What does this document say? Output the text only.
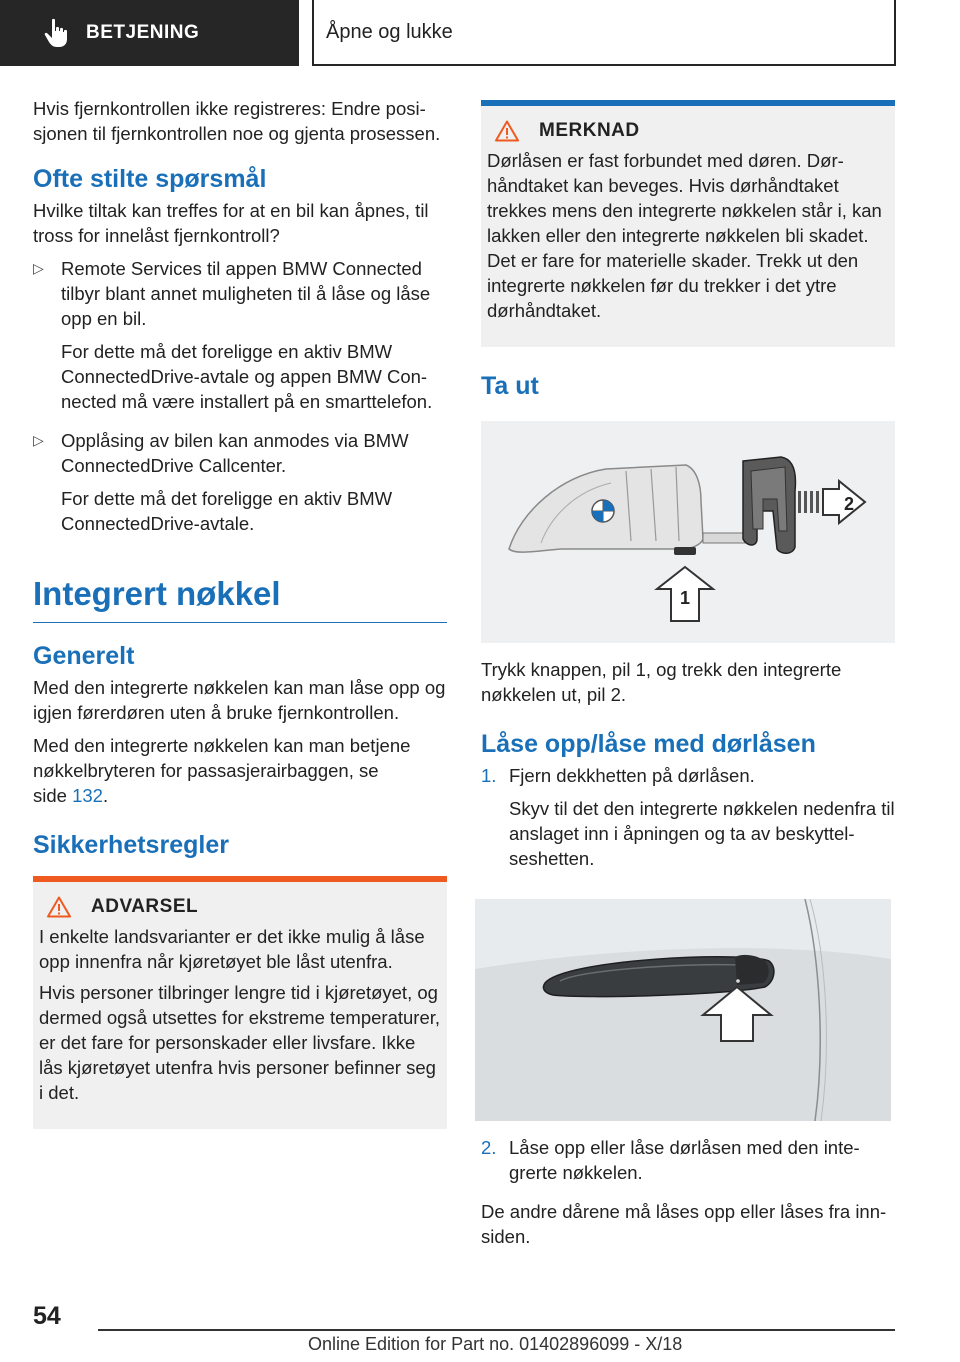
BETJENING	Åpne og lukke

Hvis fjernkontrollen ikke registreres: Endre posisjonen til fjernkontrollen noe og gjenta prosessen.

Ofte stilte spørsmål

Hvilke tiltak kan treffes for at en bil kan åpnes, til tross for innelåst fjernkontroll?

▷ Remote Services til appen BMW Connected tilbyr blant annet muligheten til å låse og låse opp en bil.

For dette må det foreligge en aktiv BMW ConnectedDrive-avtale og appen BMW Connected må være installert på en smarttelefon.

▷ Opplåsing av bilen kan anmodes via BMW ConnectedDrive Callcenter.

For dette må det foreligge en aktiv BMW ConnectedDrive-avtale.

Integrert nøkkel
Generelt

Med den integrerte nøkkelen kan man låse opp og igjen førerdøren uten å bruke fjernkontrollen.

Med den integrerte nøkkelen kan man betjene nøkkelbryteren for passasjerairbaggen, se
side 132.

Sikkerhetsregler
ADVARSEL

I enkelte landsvarianter er det ikke mulig å låse opp innenfra når kjøretøyet ble låst utenfra.

Hvis personer tilbringer lengre tid i kjøretøyet, og dermed også utsettes for ekstreme temperaturer, er det fare for personskader eller livsfare. Ikke lås kjøretøyet utenfra hvis personer befinner seg i det.

MERKNAD

Dørlåsen er fast forbundet med døren. Dørhåndtaket kan beveges. Hvis dørhåndtaket trekkes mens den integrerte nøkkelen står i, kan lakken eller den integrerte nøkkelen bli skadet. Det er fare for materielle skader. Trekk ut den integrerte nøkkelen før du trekker i det ytre dørhåndtaket.

Ta ut
2
1

Trykk knappen, pil 1, og trekk den integrerte nøkkelen ut, pil 2.

Låse opp/låse med dørlåsen
1. Fjern dekkhetten på dørlåsen.

Skyv til det den integrerte nøkkelen nedenfra til anslaget inn i åpningen og ta av beskyttelseshetten.

2. Låse opp eller låse dørlåsen med den integrerte nøkkelen.

De andre dårene må låses opp eller låses fra innsiden.

54
Online Edition for Part no. 01402896099 - X/18
